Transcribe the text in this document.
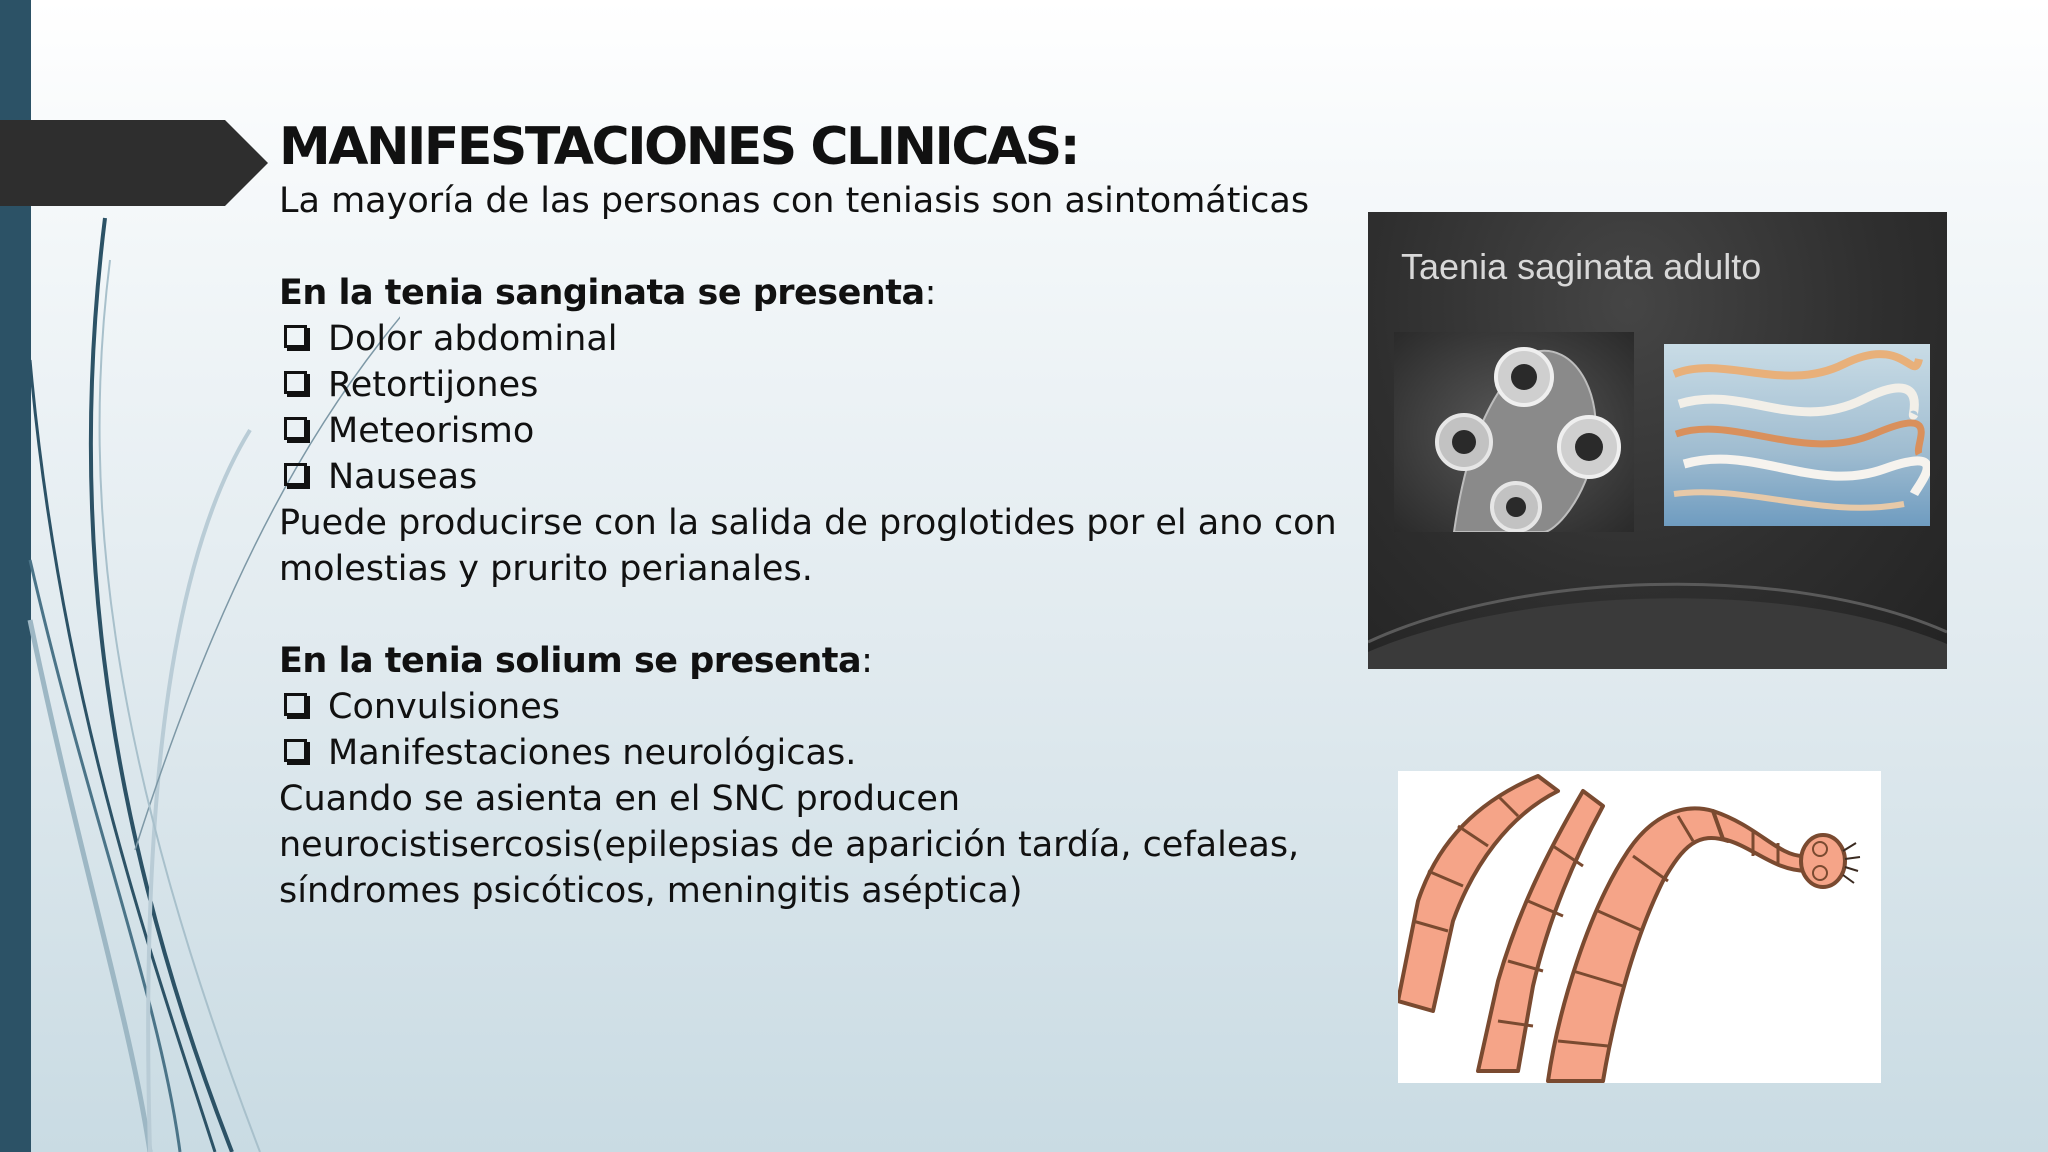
MANIFESTACIONES CLINICAS:
La mayoría de las personas con teniasis son asintomáticas
En la tenia sanginata se presenta:
Dolor abdominal
Retortijones
Meteorismo
Nauseas
Puede producirse con la salida de proglotides por el ano con
molestias y prurito perianales.
En la tenia solium se presenta:
Convulsiones
Manifestaciones neurológicas.
Cuando se asienta en el SNC producen
neurocistisercosis(epilepsias de aparición tardía, cefaleas,
síndromes psicóticos, meningitis aséptica)
Taenia saginata adulto
